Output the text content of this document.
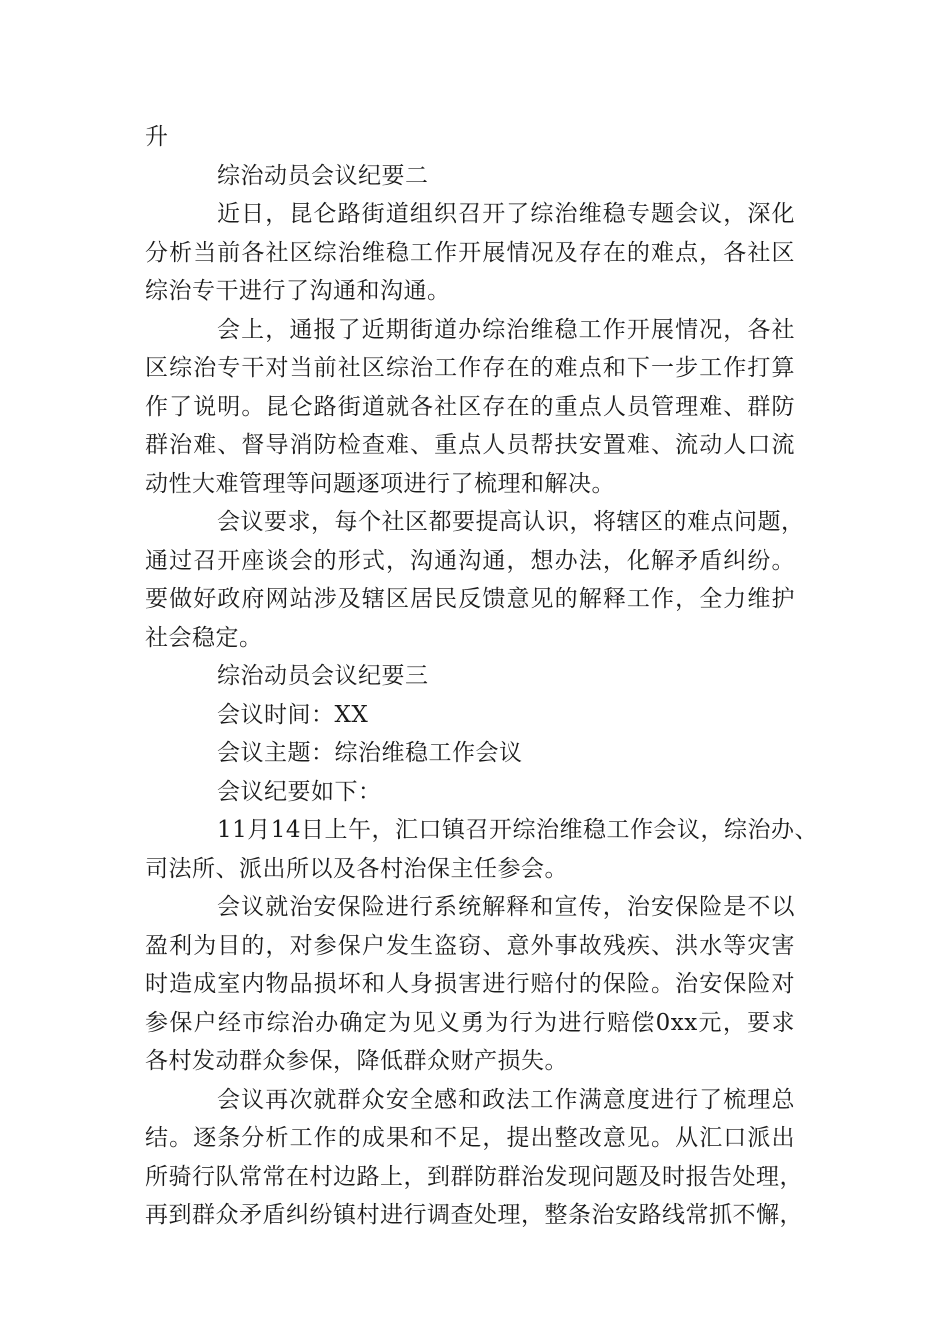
升
综治动员会议纪要二
近日，昆仑路街道组织召开了综治维稳专题会议，深化
分析当前各社区综治维稳工作开展情况及存在的难点，各社区
综治专干进行了沟通和沟通。
会上，通报了近期街道办综治维稳工作开展情况，各社
区综治专干对当前社区综治工作存在的难点和下一步工作打算
作了说明。昆仑路街道就各社区存在的重点人员管理难、群防
群治难、督导消防检查难、重点人员帮扶安置难、流动人口流
动性大难管理等问题逐项进行了梳理和解决。
会议要求，每个社区都要提高认识，将辖区的难点问题，
通过召开座谈会的形式，沟通沟通，想办法，化解矛盾纠纷。
要做好政府网站涉及辖区居民反馈意见的解释工作，全力维护
社会稳定。
综治动员会议纪要三
会议时间：XX
会议主题：综治维稳工作会议
会议纪要如下：
11月14日上午，汇口镇召开综治维稳工作会议，综治办、
司法所、派出所以及各村治保主任参会。
会议就治安保险进行系统解释和宣传，治安保险是不以
盈利为目的，对参保户发生盗窃、意外事故残疾、洪水等灾害
时造成室内物品损坏和人身损害进行赔付的保险。治安保险对
参保户经市综治办确定为见义勇为行为进行赔偿0xx元，要求
各村发动群众参保，降低群众财产损失。
会议再次就群众安全感和政法工作满意度进行了梳理总
结。逐条分析工作的成果和不足，提出整改意见。从汇口派出
所骑行队常常在村边路上，到群防群治发现问题及时报告处理，
再到群众矛盾纠纷镇村进行调查处理，整条治安路线常抓不懈，
